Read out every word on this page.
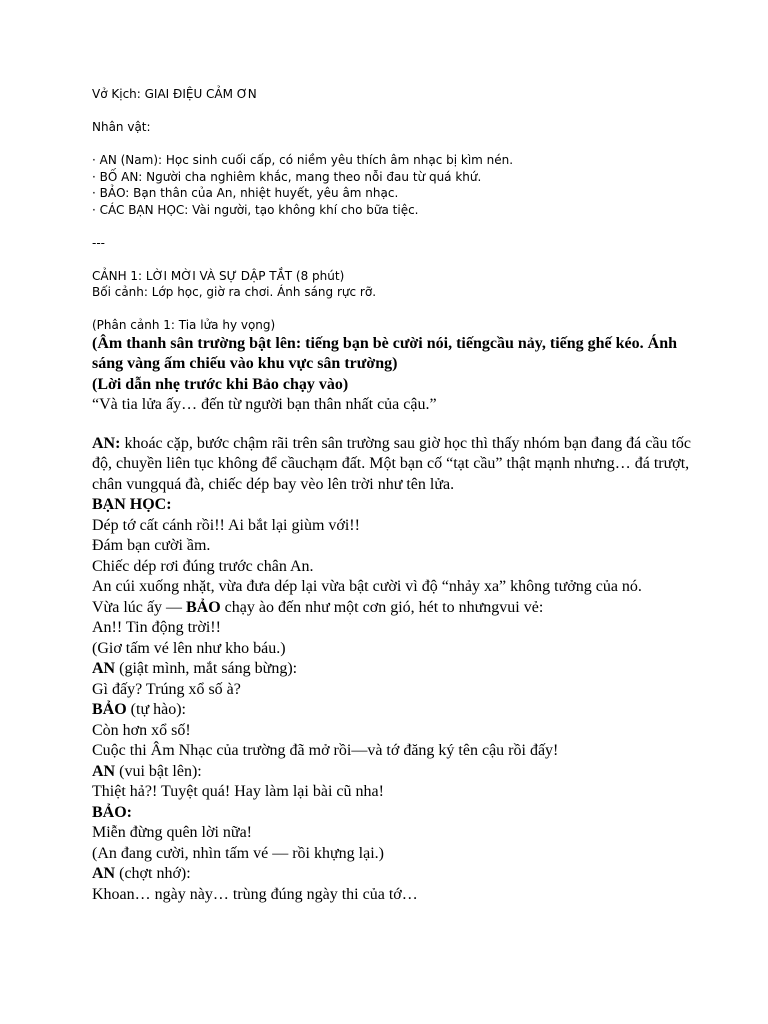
Vở Kịch: GIAI ĐIỆU CẢM ƠN
Nhân vật:
· AN (Nam): Học sinh cuối cấp, có niềm yêu thích âm nhạc bị kìm nén.
· BỐ AN: Người cha nghiêm khắc, mang theo nỗi đau từ quá khứ.
· BẢO: Bạn thân của An, nhiệt huyết, yêu âm nhạc.
· CÁC BẠN HỌC: Vài người, tạo không khí cho bữa tiệc.
---
CẢNH 1: LỜI MỜI VÀ SỰ DẬP TẮT (8 phút)
Bối cảnh: Lớp học, giờ ra chơi. Ánh sáng rực rỡ.
(Phân cảnh 1: Tia lửa hy vọng)
(Âm thanh sân trường bật lên: tiếng bạn bè cười nói, tiếngcầu nảy, tiếng ghế kéo. Ánh sáng vàng ấm chiếu vào khu vực sân trường)
(Lời dẫn nhẹ trước khi Bảo chạy vào)
“Và tia lửa ấy… đến từ người bạn thân nhất của cậu.”
AN: khoác cặp, bước chậm rãi trên sân trường sau giờ học thì thấy nhóm bạn đang đá cầu tốc độ, chuyền liên tục không để cầuchạm đất. Một bạn cố “tạt cầu” thật mạnh nhưng… đá trượt, chân vungquá đà, chiếc dép bay vèo lên trời như tên lửa.
BẠN HỌC:
Dép tớ cất cánh rồi!! Ai bắt lại giùm với!!
Đám bạn cười ầm.
Chiếc dép rơi đúng trước chân An.
An cúi xuống nhặt, vừa đưa dép lại vừa bật cười vì độ “nhảy xa” không tưởng của nó.
Vừa lúc ấy — BẢO chạy ào đến như một cơn gió, hét to nhưngvui vẻ:
An!! Tin động trời!!
(Giơ tấm vé lên như kho báu.)
AN (giật mình, mắt sáng bừng):
Gì đấy? Trúng xổ số à?
BẢO (tự hào):
Còn hơn xổ số!
Cuộc thi Âm Nhạc của trường đã mở rồi—và tớ đăng ký tên cậu rồi đấy!
AN (vui bật lên):
Thiệt hả?! Tuyệt quá! Hay làm lại bài cũ nha!
BẢO:
Miễn đừng quên lời nữa!
(An đang cười, nhìn tấm vé — rồi khựng lại.)
AN (chợt nhớ):
Khoan… ngày này… trùng đúng ngày thi của tớ…
